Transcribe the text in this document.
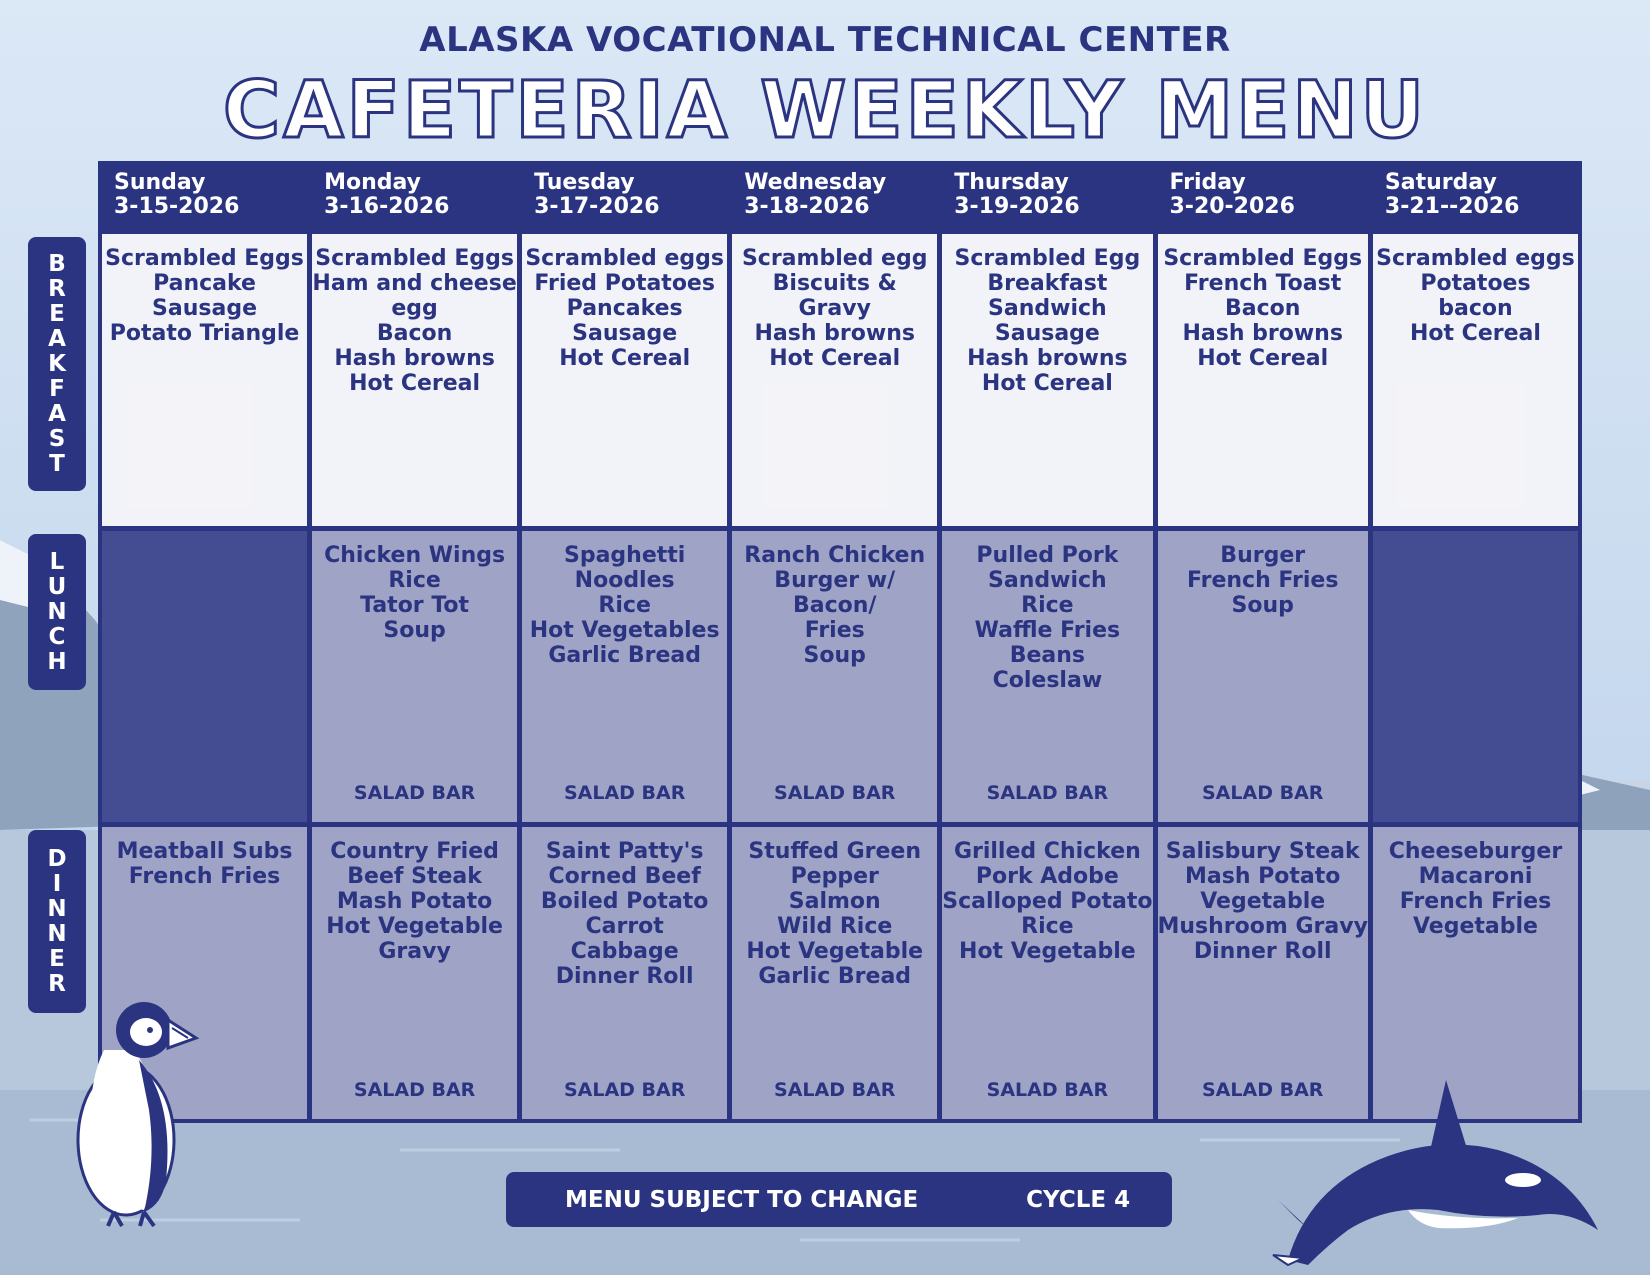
ALASKA VOCATIONAL TECHNICAL CENTER
CAFETERIA WEEKLY MENU
B
R
E
A
K
F
A
S
T
L
U
N
C
H
D
I
N
N
E
R
Sunday
3-15-2026
Monday
3-16-2026
Tuesday
3-17-2026
Wednesday
3-18-2026
Thursday
3-19-2026
Friday
3-20-2026
Saturday
3-21--2026
Scrambled Eggs
Pancake
Sausage
Potato Triangle
Scrambled Eggs
Ham and cheese
egg
Bacon
Hash browns
Hot Cereal
Scrambled eggs
Fried Potatoes
Pancakes
Sausage
Hot Cereal
Scrambled egg
Biscuits &
Gravy
Hash browns
Hot Cereal
Scrambled Egg
Breakfast
Sandwich
Sausage
Hash browns
Hot Cereal
Scrambled Eggs
French Toast
Bacon
Hash browns
Hot Cereal
Scrambled eggs
Potatoes
bacon
Hot Cereal
Chicken Wings
Rice
Tator Tot
Soup
SALAD BAR
Spaghetti
Noodles
Rice
Hot Vegetables
Garlic Bread
SALAD BAR
Ranch Chicken
Burger w/
Bacon/
Fries
Soup
SALAD BAR
Pulled Pork
Sandwich
Rice
Waffle Fries
Beans
Coleslaw
SALAD BAR
Burger
French Fries
Soup
SALAD BAR
Meatball Subs
French Fries
Country Fried
Beef Steak
Mash Potato
Hot Vegetable
Gravy
SALAD BAR
Saint Patty's
Corned Beef
Boiled Potato
Carrot
Cabbage
Dinner Roll
SALAD BAR
Stuffed Green
Pepper
Salmon
Wild Rice
Hot Vegetable
Garlic Bread
SALAD BAR
Grilled Chicken
Pork Adobe
Scalloped Potato
Rice
Hot Vegetable
SALAD BAR
Salisbury Steak
Mash Potato
Vegetable
Mushroom Gravy
Dinner Roll
SALAD BAR
Cheeseburger
Macaroni
French Fries
Vegetable
MENU SUBJECT TO CHANGE	CYCLE 4
